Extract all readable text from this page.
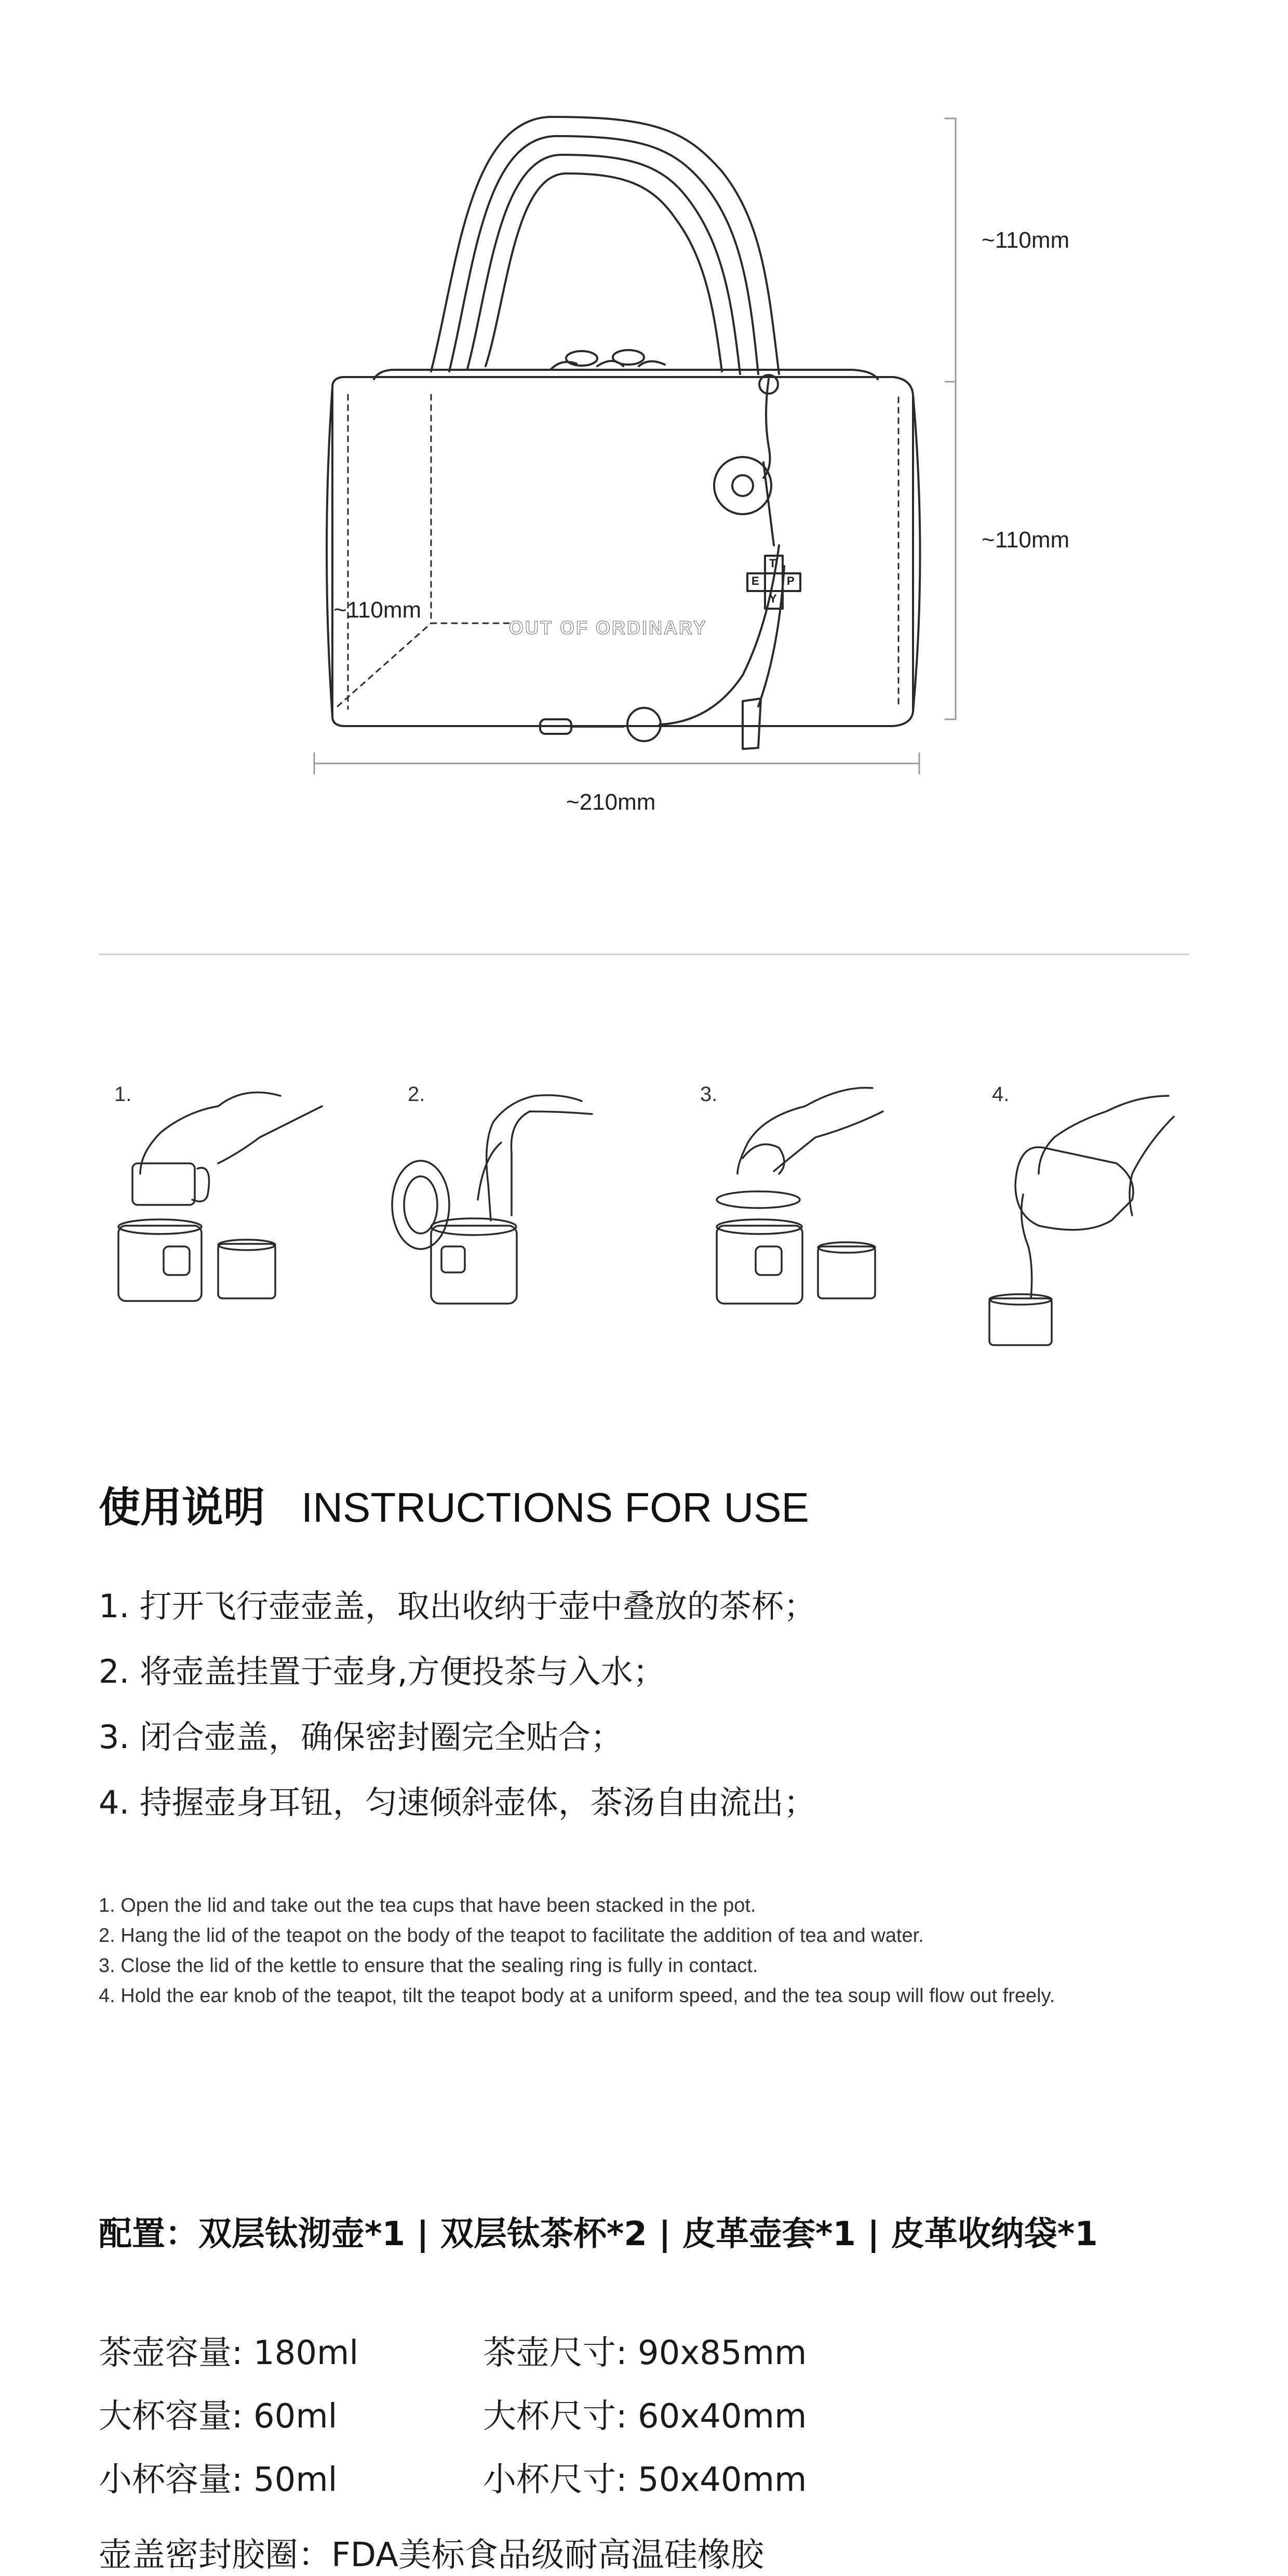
T
E P
Y
OUT OF ORDINARY
~110mm
~110mm
~110mm
~210mm
1.	2.	3.	4.
使用说明 INSTRUCTIONS FOR USE
1. 打开飞行壶壶盖，取出收纳于壶中叠放的茶杯；
2. 将壶盖挂置于壶身,方便投茶与入水；
3. 闭合壶盖，确保密封圈完全贴合；
4. 持握壶身耳钮，匀速倾斜壶体，茶汤自由流出；
1. Open the lid and take out the tea cups that have been stacked in the pot.
2. Hang the lid of the teapot on the body of the teapot to facilitate the addition of tea and water.
3. Close the lid of the kettle to ensure that the sealing ring is fully in contact.
4. Hold the ear knob of the teapot, tilt the teapot body at a uniform speed, and the tea soup will flow out freely.
配置：双层钛沏壶*1 | 双层钛茶杯*2 | 皮革壶套*1 | 皮革收纳袋*1
茶壶容量: 180ml	茶壶尺寸: 90x85mm
大杯容量: 60ml	大杯尺寸: 60x40mm
小杯容量: 50ml	小杯尺寸: 50x40mm
壶盖密封胶圈：FDA美标食品级耐高温硅橡胶
